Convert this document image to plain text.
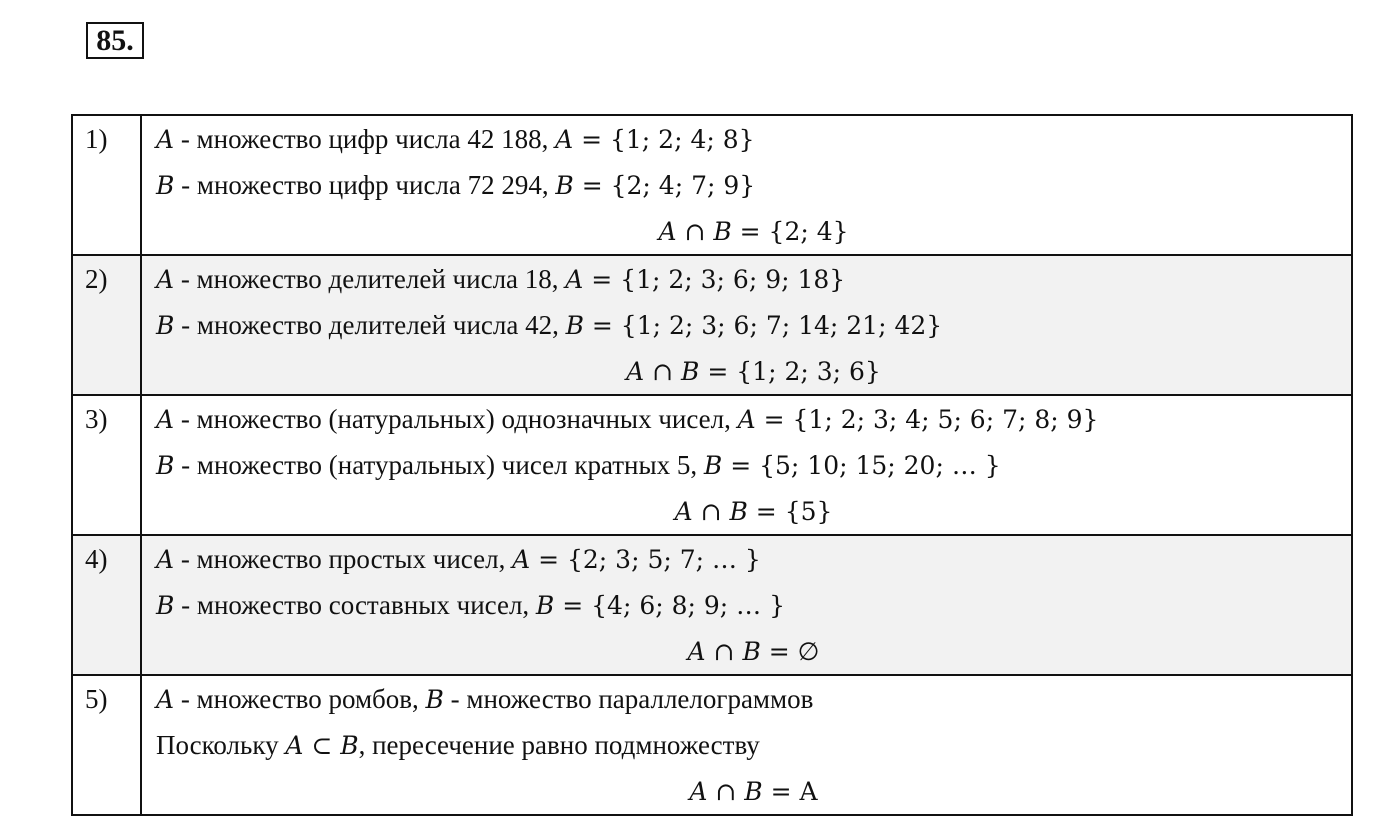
85.
1)	A - множество цифр числа 42 188, A = {1; 2; 4; 8}
B - множество цифр числа 72 294, B = {2; 4; 7; 9}
A ∩ B = {2; 4}

2)	A - множество делителей числа 18, A = {1; 2; 3; 6; 9; 18}
B - множество делителей числа 42, B = {1; 2; 3; 6; 7; 14; 21; 42}
A ∩ B = {1; 2; 3; 6}

3)	A - множество (натуральных) однозначных чисел, A = {1; 2; 3; 4; 5; 6; 7; 8; 9}
B - множество (натуральных) чисел кратных 5, B = {5; 10; 15; 20; … }
A ∩ B = {5}

4)	A - множество простых чисел, A = {2; 3; 5; 7; … }
B - множество составных чисел, B = {4; 6; 8; 9; … }
A ∩ B = ∅

5)	A - множество ромбов, B - множество параллелограммов
Поскольку A ⊂ B, пересечение равно подмножеству
A ∩ B = A
